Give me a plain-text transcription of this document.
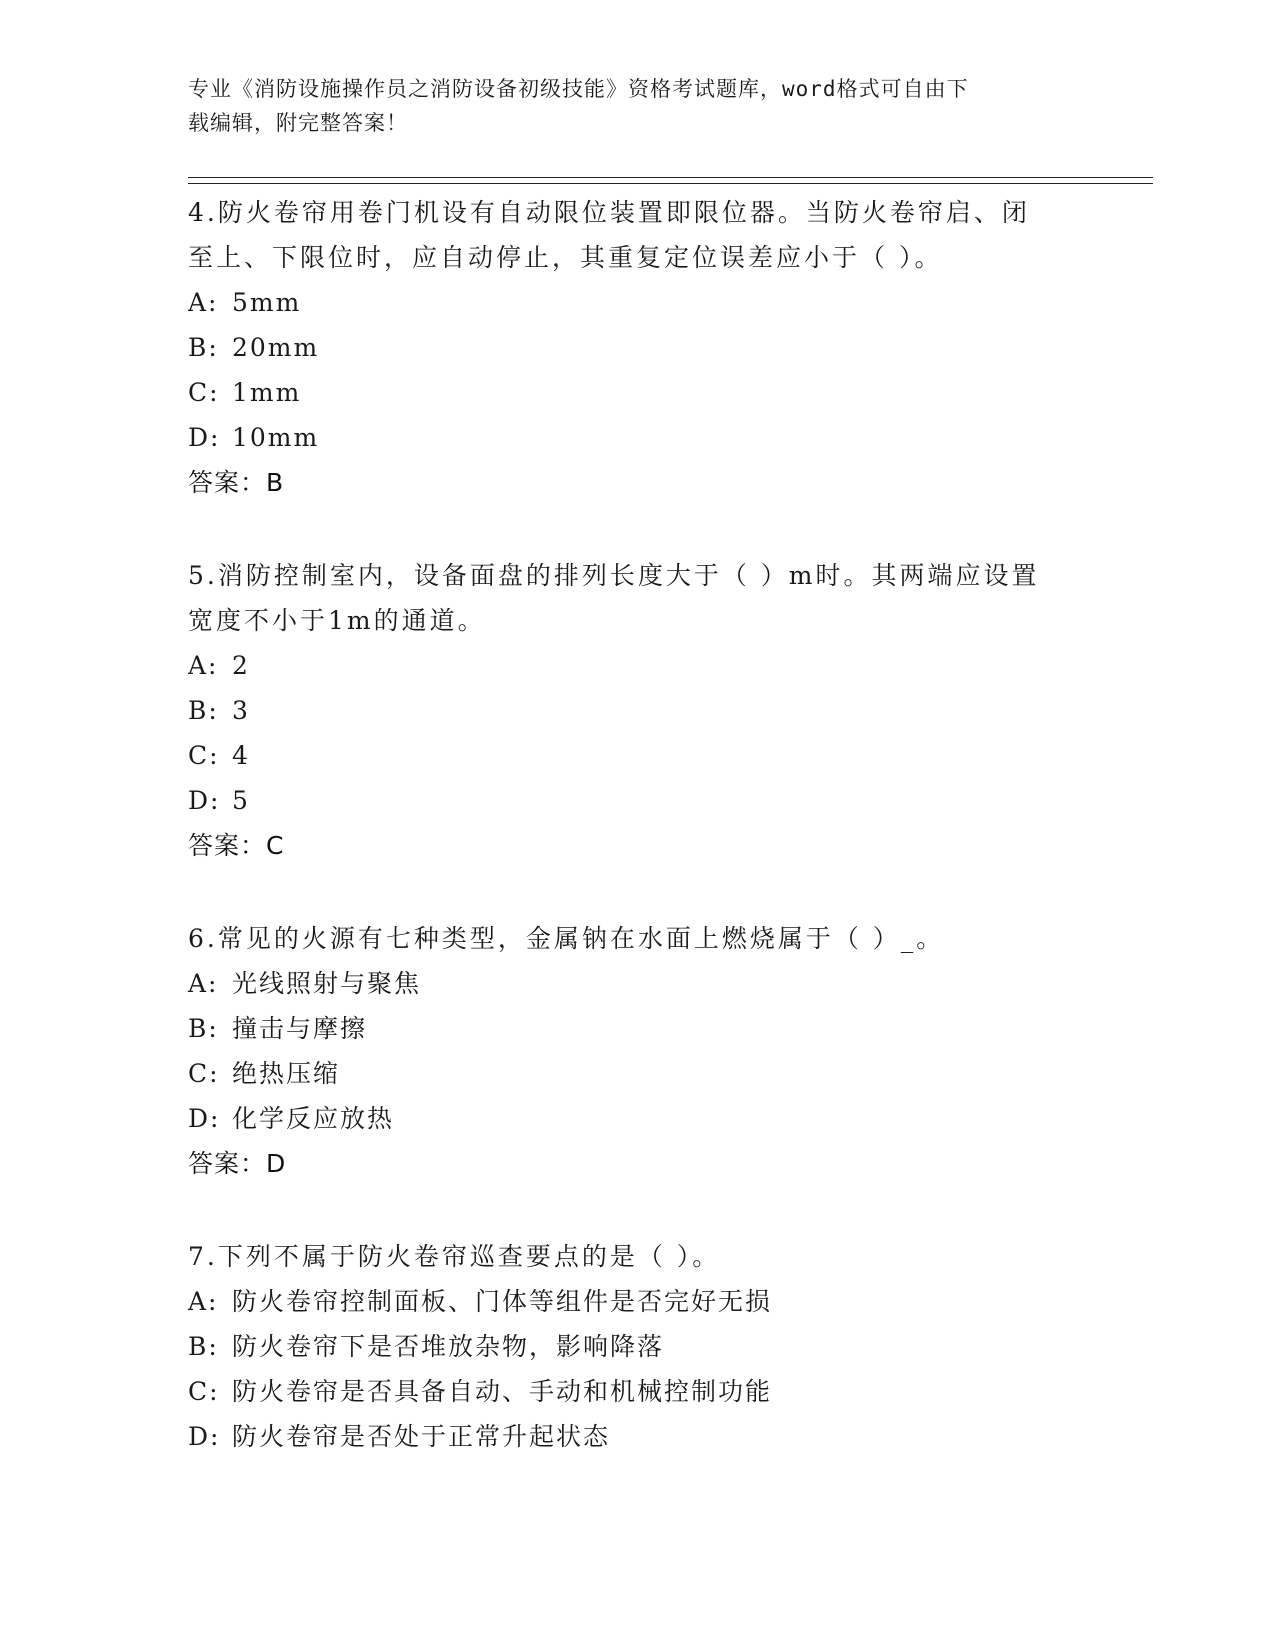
专业《消防设施操作员之消防设备初级技能》资格考试题库，word格式可自由下
载编辑，附完整答案！
4.防火卷帘用卷门机设有自动限位装置即限位器。当防火卷帘启、闭
至上、下限位时，应自动停止，其重复定位误差应小于（ ）。
A: 5mm
B: 20mm
C: 1mm
D: 10mm
答案：B
5.消防控制室内，设备面盘的排列长度大于（ ）m时。其两端应设置
宽度不小于1m的通道。
A: 2
B: 3
C: 4
D: 5
答案：C
6.常见的火源有七种类型，金属钠在水面上燃烧属于（ ）_。
A: 光线照射与聚焦
B: 撞击与摩擦
C: 绝热压缩
D: 化学反应放热
答案：D
7.下列不属于防火卷帘巡查要点的是（ ）。
A: 防火卷帘控制面板、门体等组件是否完好无损
B: 防火卷帘下是否堆放杂物，影响降落
C: 防火卷帘是否具备自动、手动和机械控制功能
D: 防火卷帘是否处于正常升起状态
